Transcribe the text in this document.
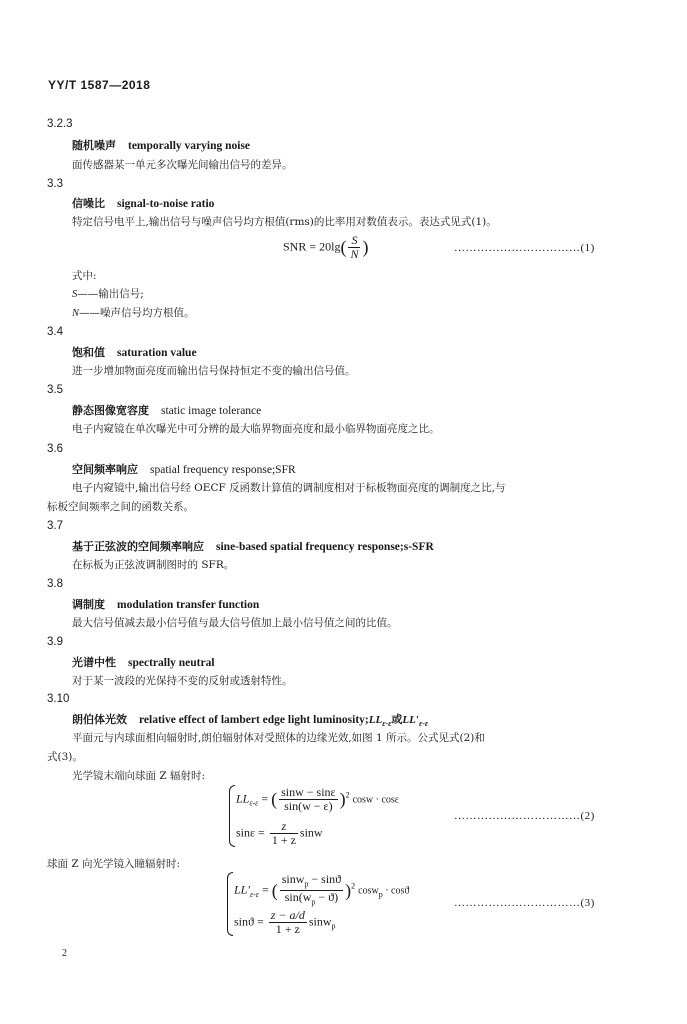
YY/T 1587—2018
3.2.3
随机噪声 temporally varying noise
面传感器某一单元多次曝光间输出信号的差异。
3.3
信噪比 signal-to-noise ratio
特定信号电平上,输出信号与噪声信号均方根值(rms)的比率用对数值表示。表达式见式(1)。
SNR = $20\lg( \frac{S}{N}$ )	……………………………(1)
式中:
S——输出信号;
N——噪声信号均方根值。
3.4
饱和值 saturation value
进一步增加物面亮度而输出信号保持恒定不变的输出信号值。
3.5
静态图像宽容度 static image tolerance
电子内窥镜在单次曝光中可分辨的最大临界物面亮度和最小临界物面亮度之比。
3.6
空间频率响应 spatial frequency response;SFR
电子内窥镜中,输出信号经 OECF 反函数计算值的调制度相对于标板物面亮度的调制度之比,与
标板空间频率之间的函数关系。
3.7
基于正弦波的空间频率响应 sine-based spatial frequency response;s-SFR
在标板为正弦波调制图时的 SFR。
3.8
调制度 modulation transfer function
最大信号值减去最小信号值与最大信号值加上最小信号值之间的比值。
3.9
光谱中性 spectrally neutral
对于某一波段的光保持不变的反射或透射特性。
3.10
朗伯体光效 relative effect of lambert edge light $luminosity;LL_{\varepsilon-\varepsilon}$或$LL'_{\varepsilon-\varepsilon}$
平面元与内球面相向辐射时,朗伯辐射体对受照体的边缘光效,如图 1 所示。公式见式(2)和
式(3)。
光学镜末端向球面 Z 辐射时:
$LL_{\varepsilon-\varepsilon}$ = ( $\frac{\sin w - \sin\varepsilon}{\sin(w - \varepsilon)} )^2$ cosw · cosε
$\sin\varepsilon = \frac{z}{1 + z}$ sinw
……………………………(2)
球面 Z 向光学镜入瞳辐射时:
$LL'_{\varepsilon-\varepsilon}$ = ( $\frac{\sin w_p - \sin ϑ}{\sin(w_p - ϑ)} )^2$ cosw$_p$ · cosϑ
$\sin ϑ = \frac{z - a/d}{1 + z} \sin w_p$
……………………………(3)
2
